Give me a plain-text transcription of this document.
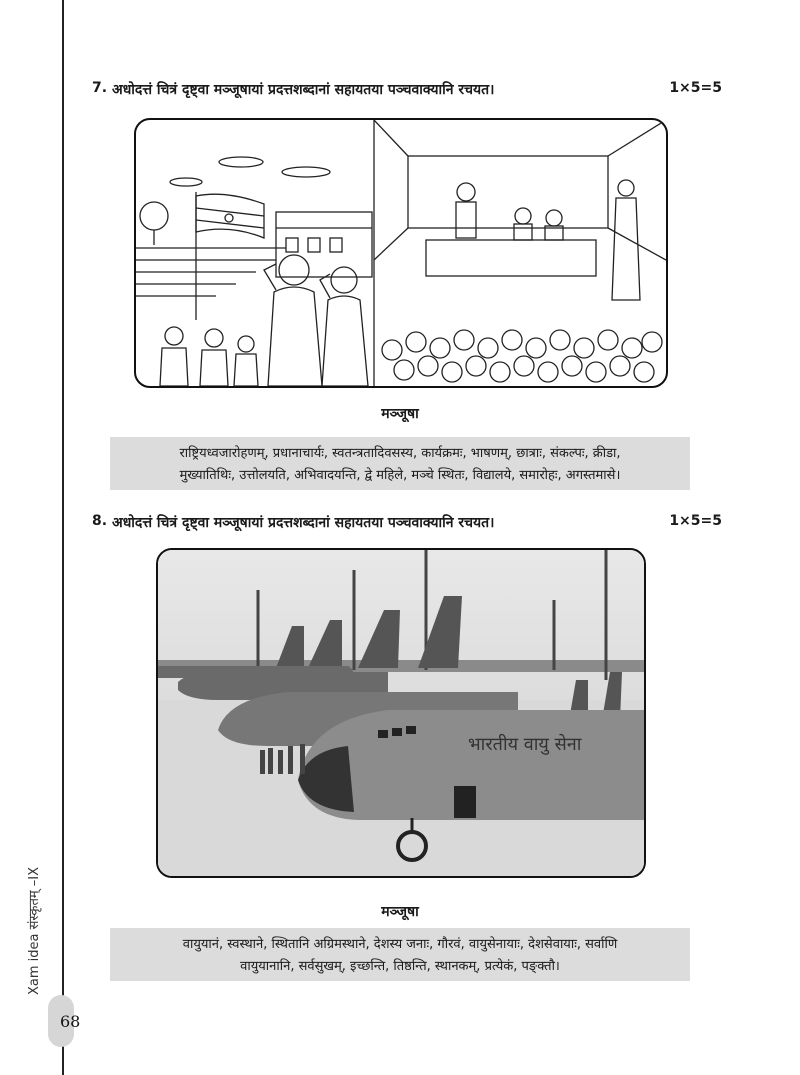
Xam idea संस्कृतम् –IX
68
7. अधोदत्तं चित्रं दृष्ट्वा मञ्जूषायां प्रदत्तशब्दानां सहायतया पञ्चवाक्यानि रचयत।	1×5=5
मञ्जूषा
राष्ट्रियध्वजारोहणम्, प्रधानाचार्यः, स्वतन्त्रतादिवसस्य, कार्यक्रमः, भाषणम्, छात्राः, संकल्पः, क्रीडा,
मुख्यातिथिः, उत्तोलयति, अभिवादयन्ति, द्वे महिले, मञ्चे स्थितः, विद्यालये, समारोहः, अगस्तमासे।
8. अधोदत्तं चित्रं दृष्ट्वा मञ्जूषायां प्रदत्तशब्दानां सहायतया पञ्चवाक्यानि रचयत।	1×5=5
भारतीय वायु सेना
मञ्जूषा
वायुयानं, स्वस्थाने, स्थितानि अग्रिमस्थाने, देशस्य जनाः, गौरवं, वायुसेनायाः, देशसेवायाः, सर्वाणि
वायुयानानि, सर्वसुखम्, इच्छन्ति, तिष्ठन्ति, स्थानकम्, प्रत्येकं, पङ्क्तौ।
